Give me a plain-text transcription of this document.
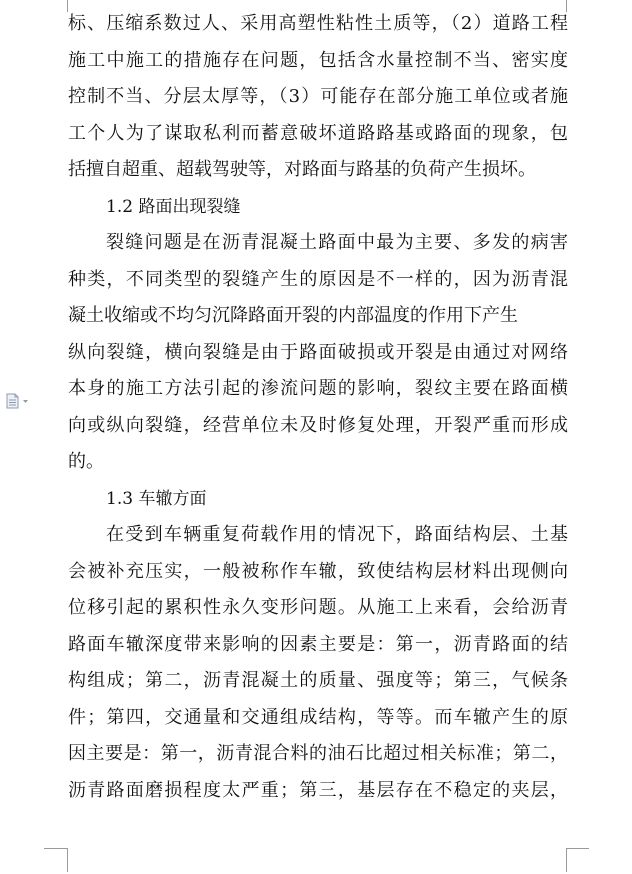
标、压缩系数过人、采用高塑性粘性土质等，（2）道路工程
施工中施工的措施存在问题，包括含水量控制不当、密实度
控制不当、分层太厚等，（3）可能存在部分施工单位或者施
工个人为了谋取私利而蓄意破坏道路路基或路面的现象，包
括擅自超重、超载驾驶等，对路面与路基的负荷产生损坏。
1.2 路面出现裂缝
裂缝问题是在沥青混凝土路面中最为主要、多发的病害
种类，不同类型的裂缝产生的原因是不一样的，因为沥青混
凝土收缩或不均匀沉降路面开裂的内部温度的作用下产生
纵向裂缝，横向裂缝是由于路面破损或开裂是由通过对网络
本身的施工方法引起的渗流问题的影响，裂纹主要在路面横
向或纵向裂缝，经营单位未及时修复处理，开裂严重而形成
的。
1.3 车辙方面
在受到车辆重复荷载作用的情况下，路面结构层、土基
会被补充压实，一般被称作车辙，致使结构层材料出现侧向
位移引起的累积性永久变形问题。从施工上来看，会给沥青
路面车辙深度带来影响的因素主要是：第一，沥青路面的结
构组成；第二，沥青混凝土的质量、强度等；第三，气候条
件；第四，交通量和交通组成结构，等等。而车辙产生的原
因主要是：第一，沥青混合料的油石比超过相关标准；第二，
沥青路面磨损程度太严重；第三，基层存在不稳定的夹层，
